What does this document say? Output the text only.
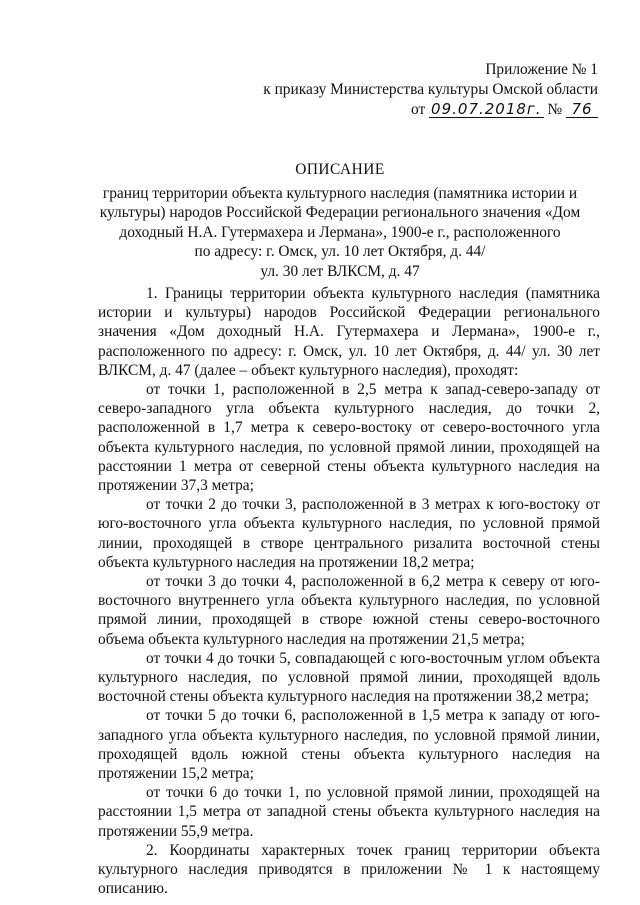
Приложение № 1
к приказу Министерства культуры Омской области
от 09.07.2018г. № 76
ОПИСАНИЕ
границ территории объекта культурного наследия (памятника истории и
культуры) народов Российской Федерации регионального значения «Дом
доходный Н.А. Гутермахера и Лермана», 1900-е г., расположенного
по адресу: г. Омск, ул. 10 лет Октября, д. 44/
ул. 30 лет ВЛКСМ, д. 47

1. Границы территории объекта культурного наследия (памятника истории и культуры) народов Российской Федерации регионального значения «Дом доходный Н.А. Гутермахера и Лермана», 1900-е г., расположенного по адресу: г. Омск, ул. 10 лет Октября, д. 44/ ул. 30 лет ВЛКСМ, д. 47 (далее – объект культурного наследия), проходят:

от точки 1, расположенной в 2,5 метра к запад-северо-западу от северо-западного угла объекта культурного наследия, до точки 2, расположенной в 1,7 метра к северо-востоку от северо-восточного угла объекта культурного наследия, по условной прямой линии, проходящей на расстоянии 1 метра от северной стены объекта культурного наследия на протяжении 37,3 метра;

от точки 2 до точки 3, расположенной в 3 метрах к юго-востоку от юго-восточного угла объекта культурного наследия, по условной прямой линии, проходящей в створе центрального ризалита восточной стены объекта культурного наследия на протяжении 18,2 метра;

от точки 3 до точки 4, расположенной в 6,2 метра к северу от юго-восточного внутреннего угла объекта культурного наследия, по условной прямой линии, проходящей в створе южной стены северо-восточного объема объекта культурного наследия на протяжении 21,5 метра;

от точки 4 до точки 5, совпадающей с юго-восточным углом объекта культурного наследия, по условной прямой линии, проходящей вдоль восточной стены объекта культурного наследия на протяжении 38,2 метра;

от точки 5 до точки 6, расположенной в 1,5 метра к западу от юго-западного угла объекта культурного наследия, по условной прямой линии, проходящей вдоль южной стены объекта культурного наследия на протяжении 15,2 метра;

от точки 6 до точки 1, по условной прямой линии, проходящей на расстоянии 1,5 метра от западной стены объекта культурного наследия на протяжении 55,9 метра.

2. Координаты характерных точек границ территории объекта культурного наследия приводятся в приложении № 1 к настоящему описанию.
